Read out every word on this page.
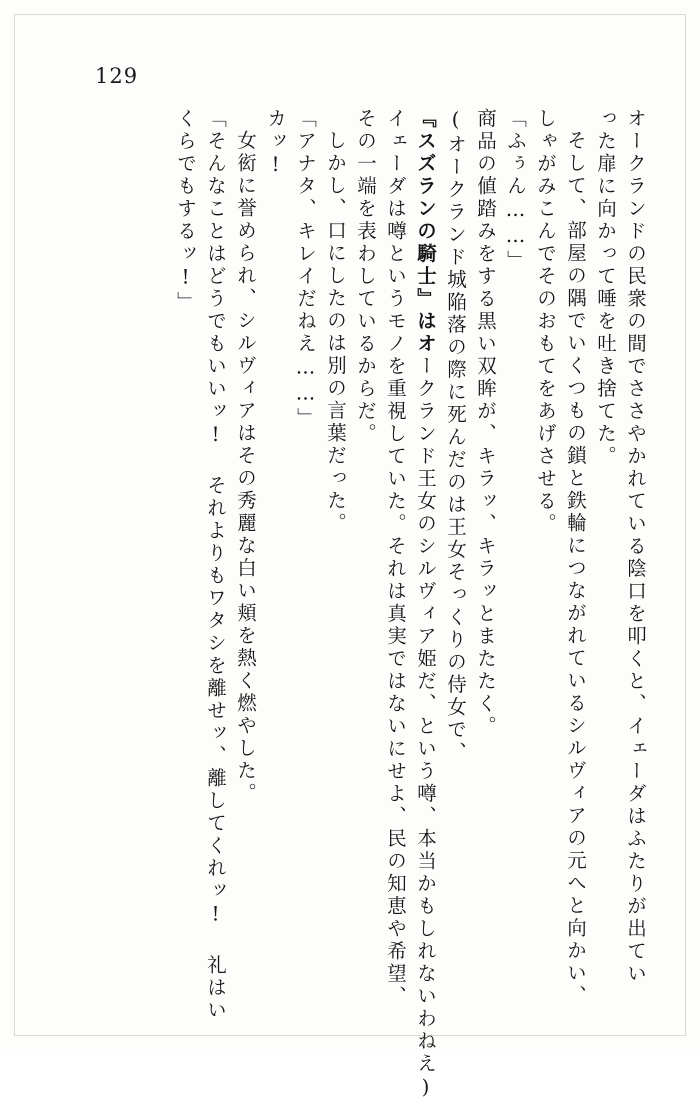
129
オークランドの民衆の間でささやかれている陰口を叩くと、イェーダはふたりが出てい
った扉に向かって唾を吐き捨てた。
そして、部屋の隅でいくつもの鎖と鉄輪につながれているシルヴィアの元へと向かい、
しゃがみこんでそのおもてをあげさせる。
「ふぅん……」
商品の値踏みをする黒い双眸が、キラッ、キラッとまたたく。
(オークランド城陥落の際に死んだのは王女そっくりの侍女で、
『スズランの騎士』はオークランド王女のシルヴィア姫だ、という噂、本当かもしれないわねえ)
イェーダは噂というモノを重視していた。それは真実ではないにせよ、民の知恵や希望、
その一端を表わしているからだ。
しかし、口にしたのは別の言葉だった。
「アナタ、キレイだねえ……」
カッ!
女衒に誉められ、シルヴィアはその秀麗な白い頬を熱く燃やした。
「そんなことはどうでもいいッ! それよりもワタシを離せッ、離してくれッ! 礼はい
くらでもするッ!」
